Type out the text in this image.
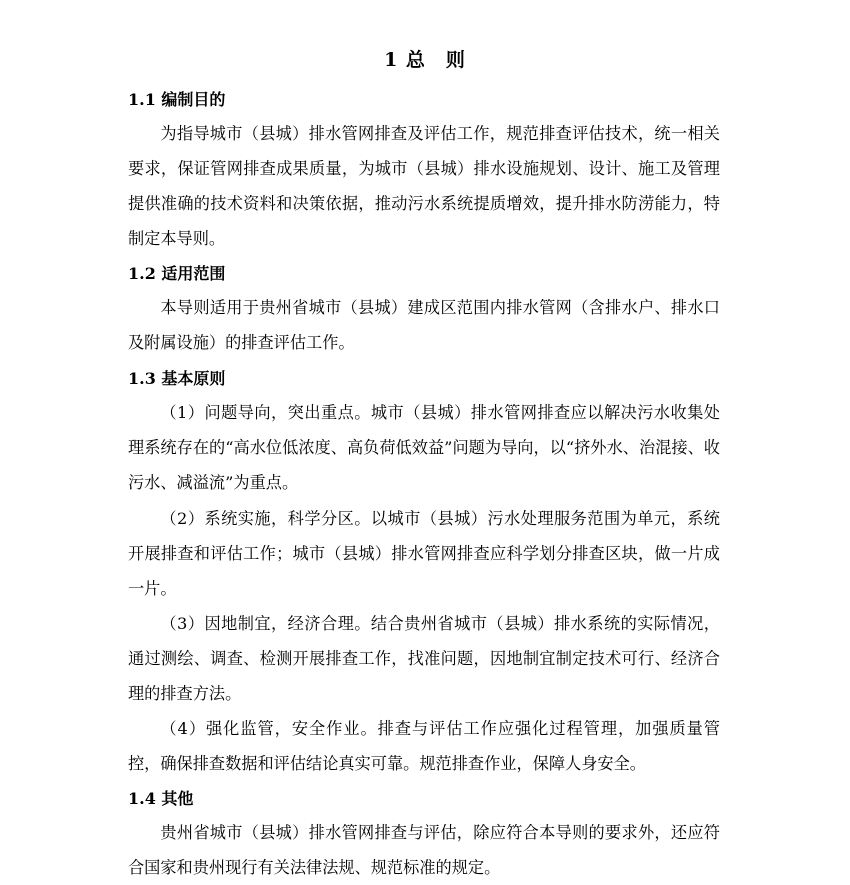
1 总　则
1.1 编制目的

为指导城市（县城）排水管网排查及评估工作，规范排查评估技术，统一相关要求，保证管网排查成果质量，为城市（县城）排水设施规划、设计、施工及管理提供准确的技术资料和决策依据，推动污水系统提质增效，提升排水防涝能力，特制定本导则。

1.2 适用范围

本导则适用于贵州省城市（县城）建成区范围内排水管网（含排水户、排水口及附属设施）的排查评估工作。

1.3 基本原则

（1）问题导向，突出重点。城市（县城）排水管网排查应以解决污水收集处理系统存在的“高水位低浓度、高负荷低效益”问题为导向，以“挤外水、治混接、收污水、减溢流”为重点。

（2）系统实施，科学分区。以城市（县城）污水处理服务范围为单元，系统开展排查和评估工作；城市（县城）排水管网排查应科学划分排查区块，做一片成一片。

（3）因地制宜，经济合理。结合贵州省城市（县城）排水系统的实际情况，通过测绘、调查、检测开展排查工作，找准问题，因地制宜制定技术可行、经济合理的排查方法。

（4）强化监管，安全作业。排查与评估工作应强化过程管理，加强质量管控，确保排查数据和评估结论真实可靠。规范排查作业，保障人身安全。

1.4 其他

贵州省城市（县城）排水管网排查与评估，除应符合本导则的要求外，还应符合国家和贵州现行有关法律法规、规范标准的规定。
